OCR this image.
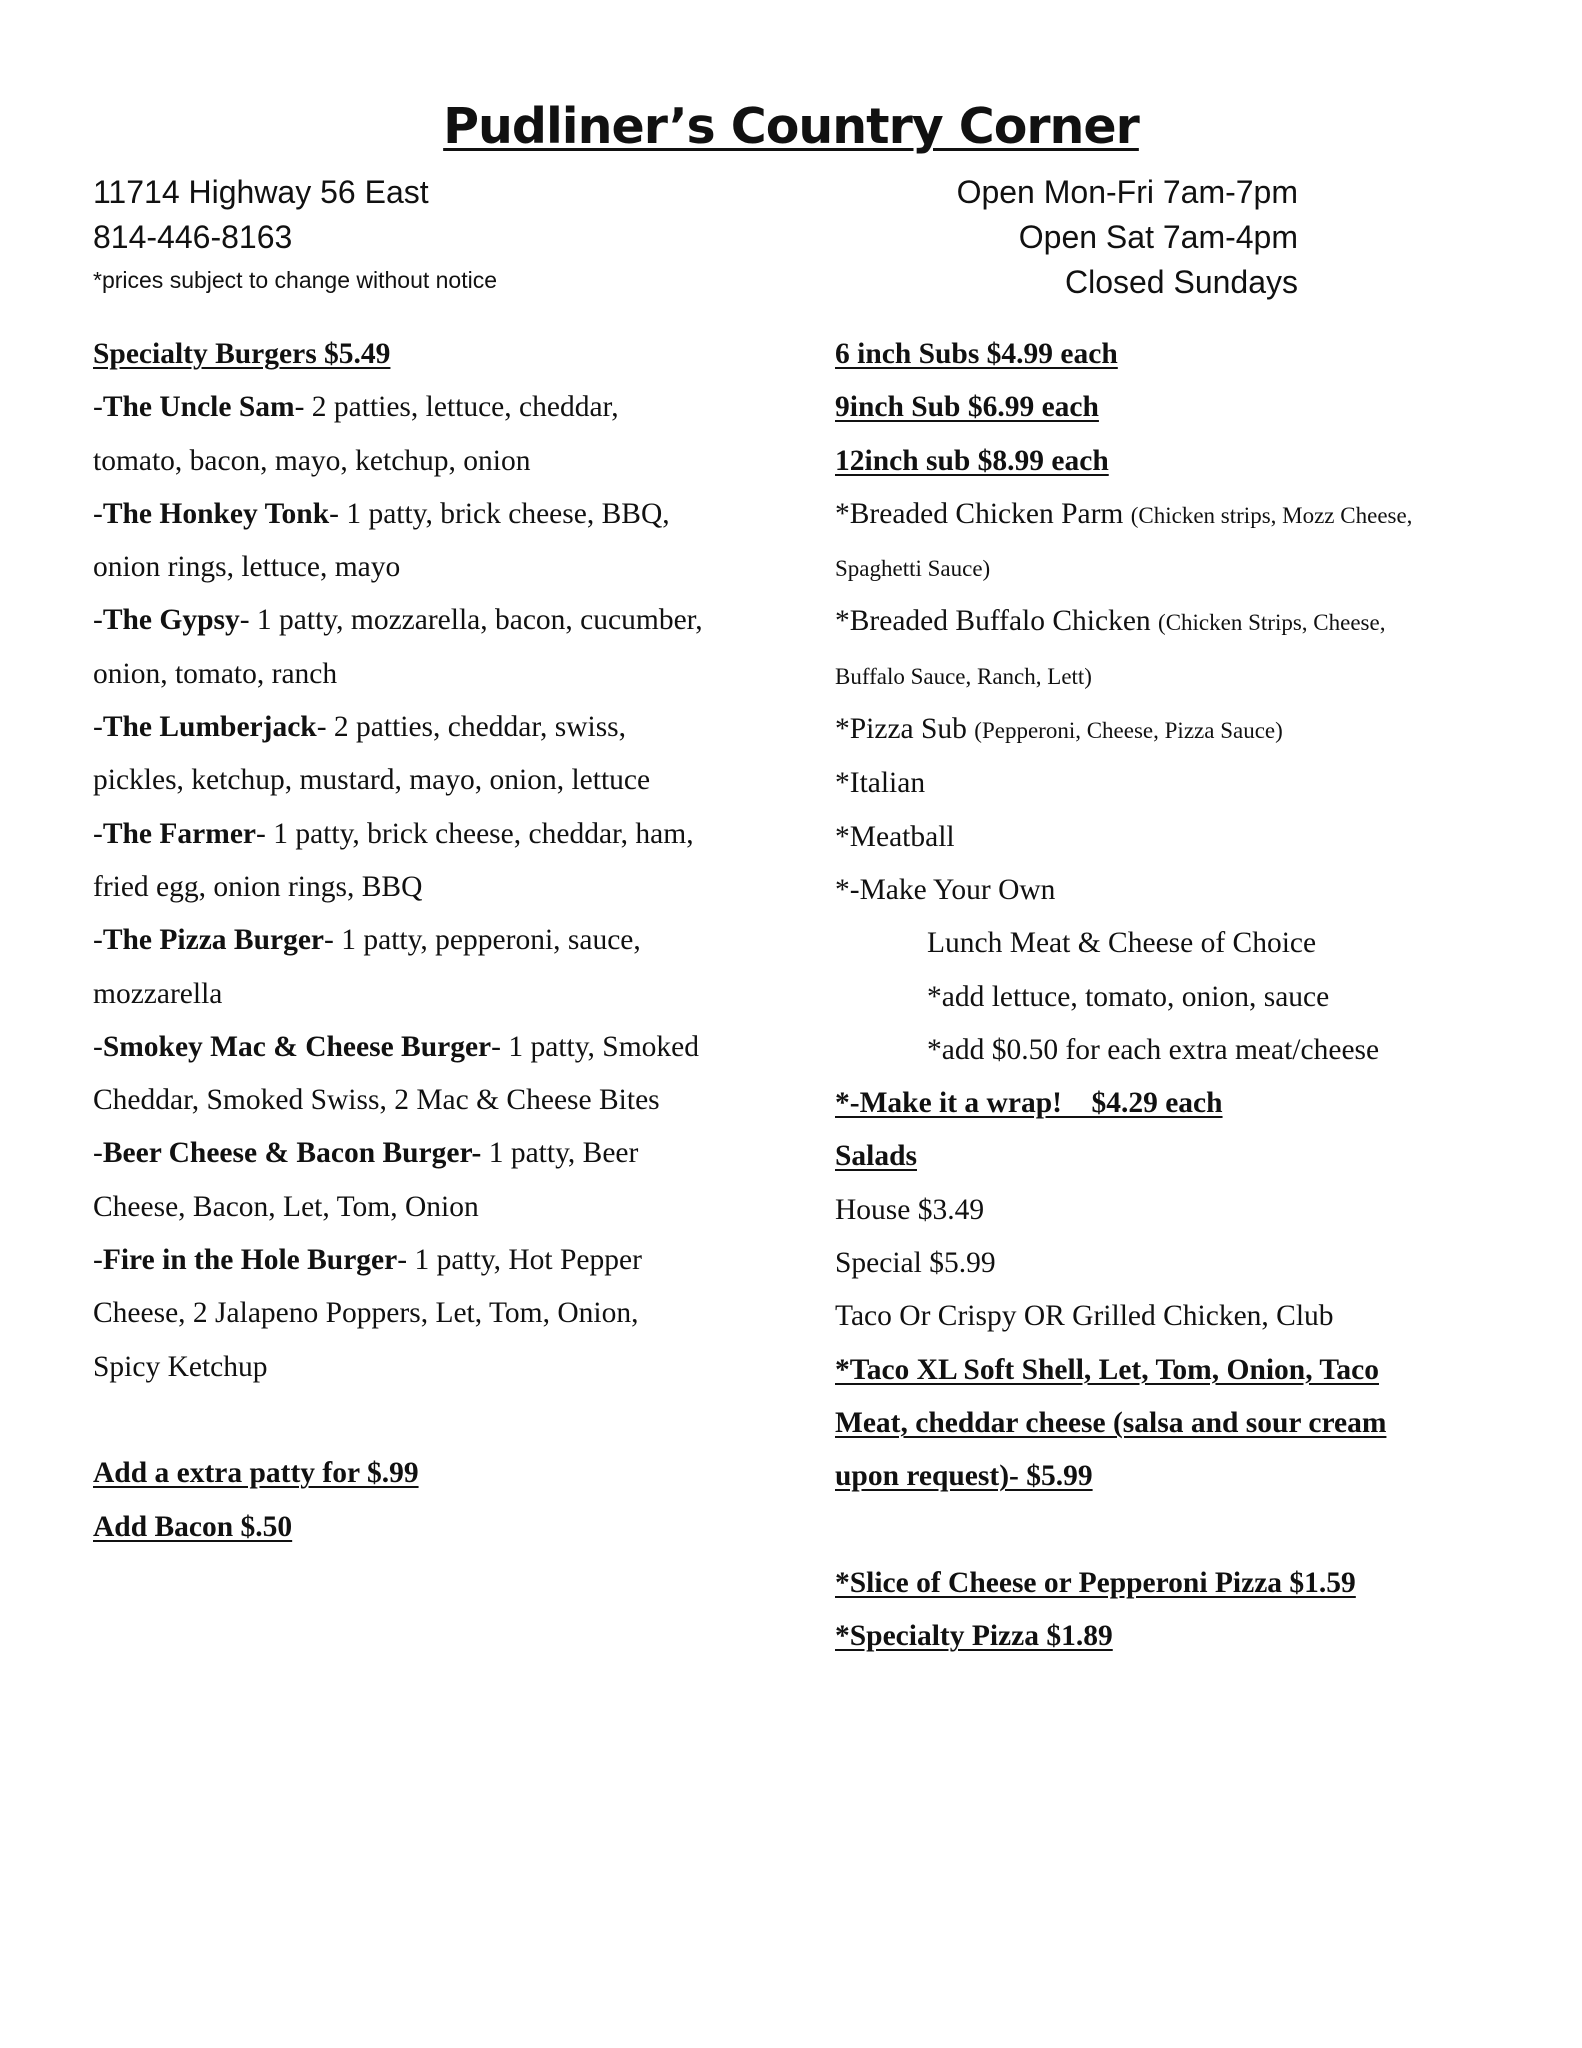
Pudliner’s Country Corner
11714 Highway 56 East
814-446-8163
*prices subject to change without notice
Open Mon-Fri 7am-7pm
Open Sat 7am-4pm
Closed Sundays
Specialty Burgers $5.49
-The Uncle Sam- 2 patties, lettuce, cheddar,
tomato, bacon, mayo, ketchup, onion
-The Honkey Tonk- 1 patty, brick cheese, BBQ,
onion rings, lettuce, mayo
-The Gypsy- 1 patty, mozzarella, bacon, cucumber,
onion, tomato, ranch
-The Lumberjack- 2 patties, cheddar, swiss,
pickles, ketchup, mustard, mayo, onion, lettuce
-The Farmer- 1 patty, brick cheese, cheddar, ham,
fried egg, onion rings, BBQ
-The Pizza Burger- 1 patty, pepperoni, sauce,
mozzarella
-Smokey Mac & Cheese Burger- 1 patty, Smoked
Cheddar, Smoked Swiss, 2 Mac & Cheese Bites
-Beer Cheese & Bacon Burger- 1 patty, Beer
Cheese, Bacon, Let, Tom, Onion
-Fire in the Hole Burger- 1 patty, Hot Pepper
Cheese, 2 Jalapeno Poppers, Let, Tom, Onion,
Spicy Ketchup
Add a extra patty for $.99
Add Bacon $.50
6 inch Subs $4.99 each
9inch Sub $6.99 each
12inch sub $8.99 each
*Breaded Chicken Parm (Chicken strips, Mozz Cheese,
Spaghetti Sauce)
*Breaded Buffalo Chicken (Chicken Strips, Cheese,
Buffalo Sauce, Ranch, Lett)
*Pizza Sub (Pepperoni, Cheese, Pizza Sauce)
*Italian
*Meatball
*-Make Your Own
Lunch Meat & Cheese of Choice
*add lettuce, tomato, onion, sauce
*add $0.50 for each extra meat/cheese
*-Make it a wrap!    $4.29 each
Salads
House $3.49
Special $5.99
Taco Or Crispy OR Grilled Chicken, Club
*Taco XL Soft Shell, Let, Tom, Onion, Taco
Meat, cheddar cheese (salsa and sour cream
upon request)- $5.99
*Slice of Cheese or Pepperoni Pizza $1.59
*Specialty Pizza $1.89
